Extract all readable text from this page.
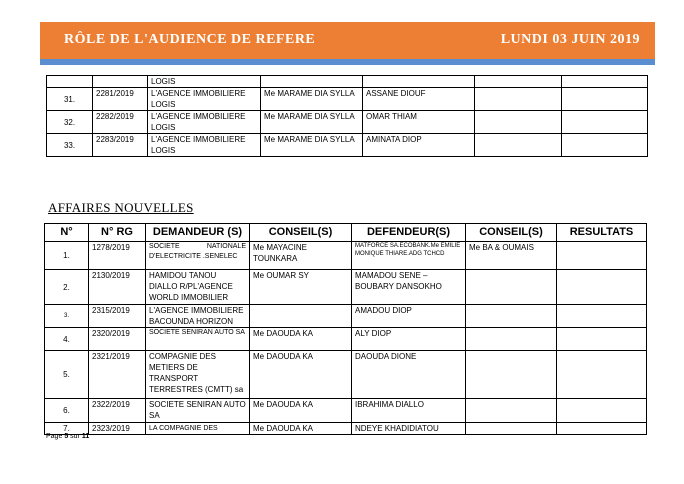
RÔLE DE L'AUDIENCE DE REFERE	LUNDI 03 JUIN 2019
		LOGIS				
31.	2281/2019	L'AGENCE IMMOBILIERE LOGIS	Me MARAME DIA SYLLA	ASSANE DIOUF		
32.	2282/2019	L'AGENCE IMMOBILIERE LOGIS	Me MARAME DIA SYLLA	OMAR THIAM		
33.	2283/2019	L'AGENCE IMMOBILIERE LOGIS	Me MARAME DIA SYLLA	AMINATA DIOP		
AFFAIRES NOUVELLES
N°	N° RG	DEMANDEUR (S)	CONSEIL(S)	DEFENDEUR(S)	CONSEIL(S)	RESULTATS
1.	1278/2019	SOCIETE NATIONALE D'ELECTRICITE .SENELEC	Me MAYACINE TOUNKARA	MATFORCE SA.ECOBANK.Me EMILIE MONIQUE THIARE.ADG TCHCD	Me BA & OUMAIS	
2.	2130/2019	HAMIDOU TANOU DIALLO R/PL'AGENCE WORLD IMMOBILIER	Me OUMAR SY	MAMADOU SENE – BOUBARY DANSOKHO		
3.	2315/2019	L'AGENCE IMMOBILIERE BACOUNDA HORIZON		AMADOU DIOP		
4.	2320/2019	SOCIETE SENIRAN AUTO SA	Me DAOUDA KA	ALY DIOP		
5.	2321/2019	COMPAGNIE DES METIERS DE TRANSPORT TERRESTRES (CMTT) sa	Me DAOUDA KA	DAOUDA DIONE		
6.	2322/2019	SOCIETE SENIRAN AUTO SA	Me DAOUDA KA	IBRAHIMA DIALLO		
7.	2323/2019	LA COMPAGNIE DES	Me DAOUDA KA	NDEYE KHADIDIATOU		
Page 5 sur 11
